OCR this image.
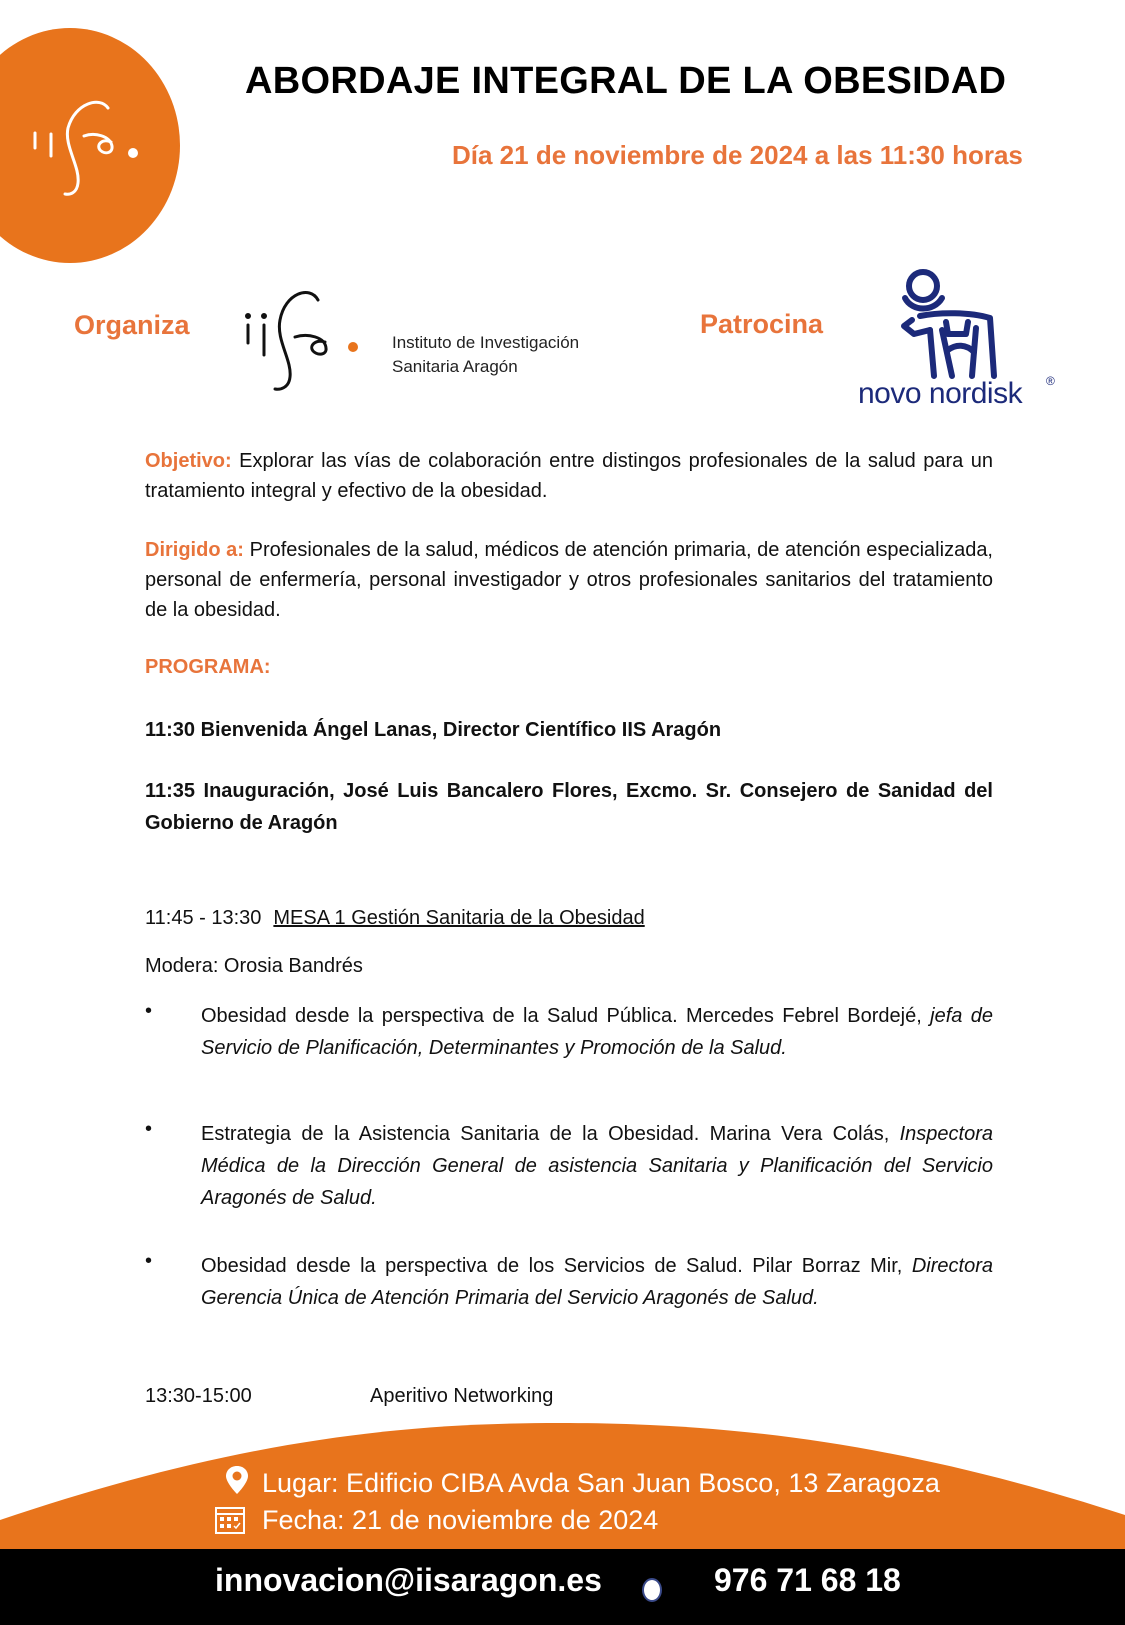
ABORDAJE INTEGRAL DE LA OBESIDAD
Día 21 de noviembre de 2024 a las 11:30 horas
Organiza
Instituto de Investigación
Sanitaria Aragón
Patrocina
novo nordisk ®
Objetivo: Explorar las vías de colaboración entre distingos profesionales de la salud para un tratamiento integral y efectivo de la obesidad.
Dirigido a: Profesionales de la salud, médicos de atención primaria, de atención especializada, personal de enfermería, personal investigador y otros profesionales sanitarios del tratamiento de la obesidad.
PROGRAMA:
11:30 Bienvenida Ángel Lanas, Director Científico IIS Aragón
11:35 Inauguración, José Luis Bancalero Flores, Excmo. Sr. Consejero de Sanidad del Gobierno de Aragón
11:45 - 13:30 MESA 1 Gestión Sanitaria de la Obesidad
Modera: Orosia Bandrés
• Obesidad desde la perspectiva de la Salud Pública. Mercedes Febrel Bordejé, jefa de Servicio de Planificación, Determinantes y Promoción de la Salud.
• Estrategia de la Asistencia Sanitaria de la Obesidad. Marina Vera Colás, Inspectora Médica de la Dirección General de asistencia Sanitaria y Planificación del Servicio Aragonés de Salud.
• Obesidad desde la perspectiva de los Servicios de Salud. Pilar Borraz Mir, Directora Gerencia Única de Atención Primaria del Servicio Aragonés de Salud.
13:30-15:00	Aperitivo Networking
Lugar: Edificio CIBA Avda San Juan Bosco, 13 Zaragoza
Fecha: 21 de noviembre de 2024
innovacion@iisaragon.es	976 71 68 18
